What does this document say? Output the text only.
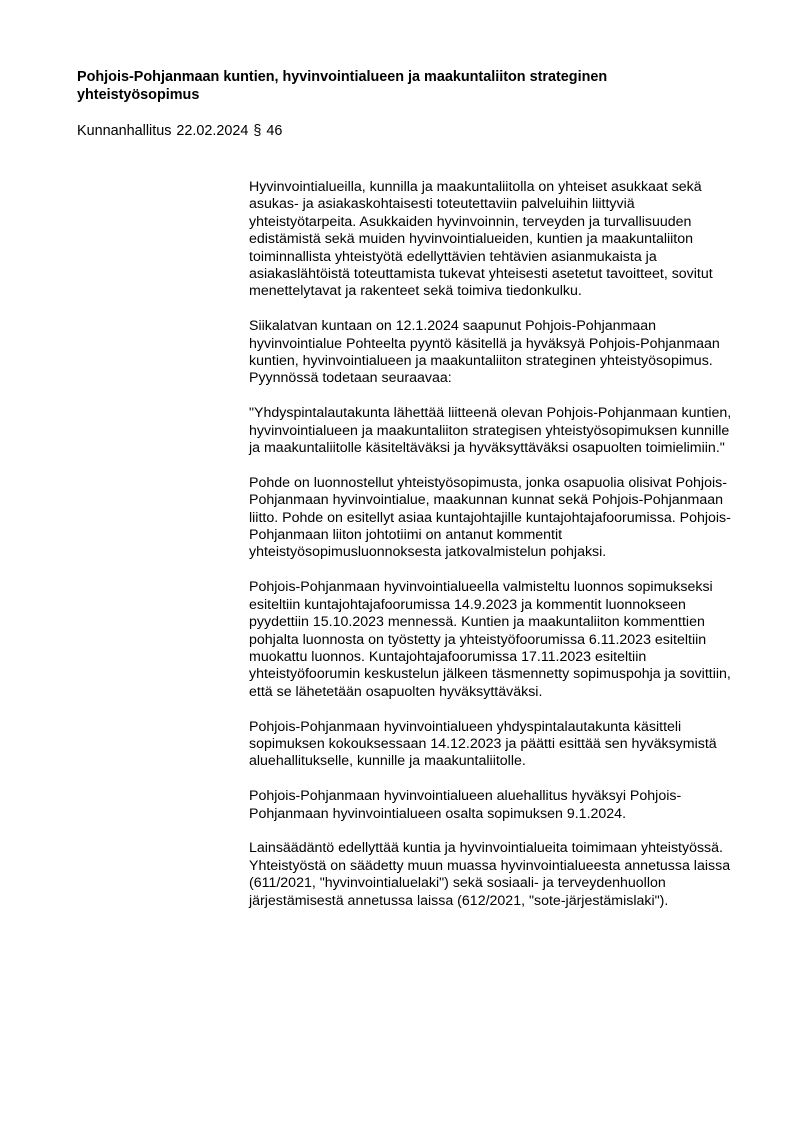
Pohjois-Pohjanmaan kuntien, hyvinvointialueen ja maakuntaliiton strateginen yhteistyösopimus
Kunnanhallitus 22.02.2024 § 46

Hyvinvointialueilla, kunnilla ja maakuntaliitolla on yhteiset asukkaat sekä asukas- ja asiakaskohtaisesti toteutettaviin palveluihin liittyviä yhteistyötarpeita. Asukkaiden hyvinvoinnin, terveyden ja turvallisuuden edistämistä sekä muiden hyvinvointialueiden, kuntien ja maakuntaliiton toiminnallista yhteistyötä edellyttävien tehtävien asianmukaista ja asiakaslähtöistä toteuttamista tukevat yhteisesti asetetut tavoitteet, sovitut menettelytavat ja rakenteet sekä toimiva tiedonkulku.

Siikalatvan kuntaan on 12.1.2024 saapunut Pohjois-Pohjanmaan hyvinvointialue Pohteelta pyyntö käsitellä ja hyväksyä Pohjois-Pohjanmaan kuntien, hyvinvointialueen ja maakuntaliiton strateginen yhteistyösopimus. Pyynnössä todetaan seuraavaa:

"Yhdyspintalautakunta lähettää liitteenä olevan Pohjois-Pohjanmaan kuntien, hyvinvointialueen ja maakuntaliiton strategisen yhteistyösopimuksen kunnille ja maakuntaliitolle käsiteltäväksi ja hyväksyttäväksi osapuolten toimielimiin."

Pohde on luonnostellut yhteistyösopimusta, jonka osapuolia olisivat Pohjois-Pohjanmaan hyvinvointialue, maakunnan kunnat sekä Pohjois-Pohjanmaan liitto. Pohde on esitellyt asiaa kuntajohtajille kuntajohtajafoorumissa. Pohjois-Pohjanmaan liiton johtotiimi on antanut kommentit yhteistyösopimusluonnoksesta jatkovalmistelun pohjaksi.

Pohjois-Pohjanmaan hyvinvointialueella valmisteltu luonnos sopimukseksi esiteltiin kuntajohtajafoorumissa 14.9.2023 ja kommentit luonnokseen pyydettiin 15.10.2023 mennessä. Kuntien ja maakuntaliiton kommenttien pohjalta luonnosta on työstetty ja yhteistyöfoorumissa 6.11.2023 esiteltiin muokattu luonnos. Kuntajohtajafoorumissa 17.11.2023 esiteltiin yhteistyöfoorumin keskustelun jälkeen täsmennetty sopimuspohja ja sovittiin, että se lähetetään osapuolten hyväksyttäväksi.

Pohjois-Pohjanmaan hyvinvointialueen yhdyspintalautakunta käsitteli sopimuksen kokouksessaan 14.12.2023 ja päätti esittää sen hyväksymistä aluehallitukselle, kunnille ja maakuntaliitolle.

Pohjois-Pohjanmaan hyvinvointialueen aluehallitus hyväksyi Pohjois-Pohjanmaan hyvinvointialueen osalta sopimuksen 9.1.2024.

Lainsäädäntö edellyttää kuntia ja hyvinvointialueita toimimaan yhteistyössä. Yhteistyöstä on säädetty muun muassa hyvinvointialueesta annetussa laissa (611/2021, "hyvinvointialuelaki") sekä sosiaali- ja terveydenhuollon järjestämisestä annetussa laissa (612/2021, "sote-järjestämislaki").
